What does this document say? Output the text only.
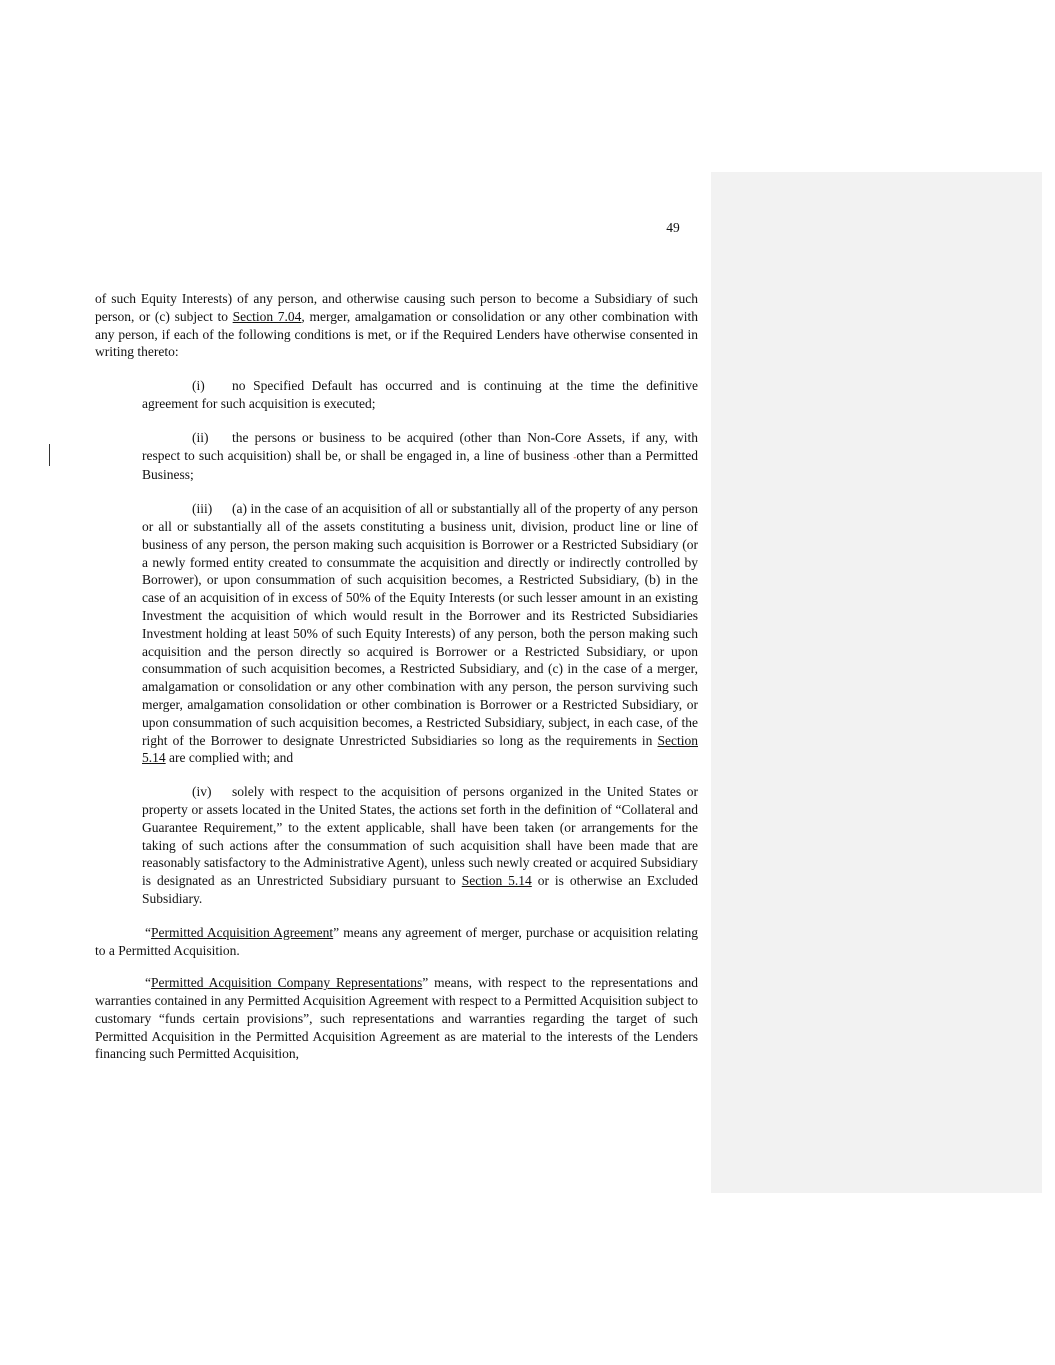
49

of such Equity Interests) of any person, and otherwise causing such person to become a Subsidiary of such person, or (c) subject to Section 7.04, merger, amalgamation or consolidation or any other combination with any person, if each of the following conditions is met, or if the Required Lenders have otherwise consented in writing thereto:

(i) no Specified Default has occurred and is continuing at the time the definitive agreement for such acquisition is executed;

(ii) the persons or business to be acquired (other than Non-Core Assets, if any, with respect to such acquisition) shall be, or shall be engaged in, a line of business -other than a Permitted Business;

(iii) (a) in the case of an acquisition of all or substantially all of the property of any person or all or substantially all of the assets constituting a business unit, division, product line or line of business of any person, the person making such acquisition is Borrower or a Restricted Subsidiary (or a newly formed entity created to consummate the acquisition and directly or indirectly controlled by Borrower), or upon consummation of such acquisition becomes, a Restricted Subsidiary, (b) in the case of an acquisition of in excess of 50% of the Equity Interests (or such lesser amount in an existing Investment the acquisition of which would result in the Borrower and its Restricted Subsidiaries Investment holding at least 50% of such Equity Interests) of any person, both the person making such acquisition and the person directly so acquired is Borrower or a Restricted Subsidiary, or upon consummation of such acquisition becomes, a Restricted Subsidiary, and (c) in the case of a merger, amalgamation or consolidation or any other combination with any person, the person surviving such merger, amalgamation consolidation or other combination is Borrower or a Restricted Subsidiary, or upon consummation of such acquisition becomes, a Restricted Subsidiary, subject, in each case, of the right of the Borrower to designate Unrestricted Subsidiaries so long as the requirements in Section 5.14 are complied with; and

(iv) solely with respect to the acquisition of persons organized in the United States or property or assets located in the United States, the actions set forth in the definition of “Collateral and Guarantee Requirement,” to the extent applicable, shall have been taken (or arrangements for the taking of such actions after the consummation of such acquisition shall have been made that are reasonably satisfactory to the Administrative Agent), unless such newly created or acquired Subsidiary is designated as an Unrestricted Subsidiary pursuant to Section 5.14 or is otherwise an Excluded Subsidiary.

“Permitted Acquisition Agreement” means any agreement of merger, purchase or acquisition relating to a Permitted Acquisition.

“Permitted Acquisition Company Representations” means, with respect to the representations and warranties contained in any Permitted Acquisition Agreement with respect to a Permitted Acquisition subject to customary “funds certain provisions”, such representations and warranties regarding the target of such Permitted Acquisition in the Permitted Acquisition Agreement as are material to the interests of the Lenders financing such Permitted Acquisition,
